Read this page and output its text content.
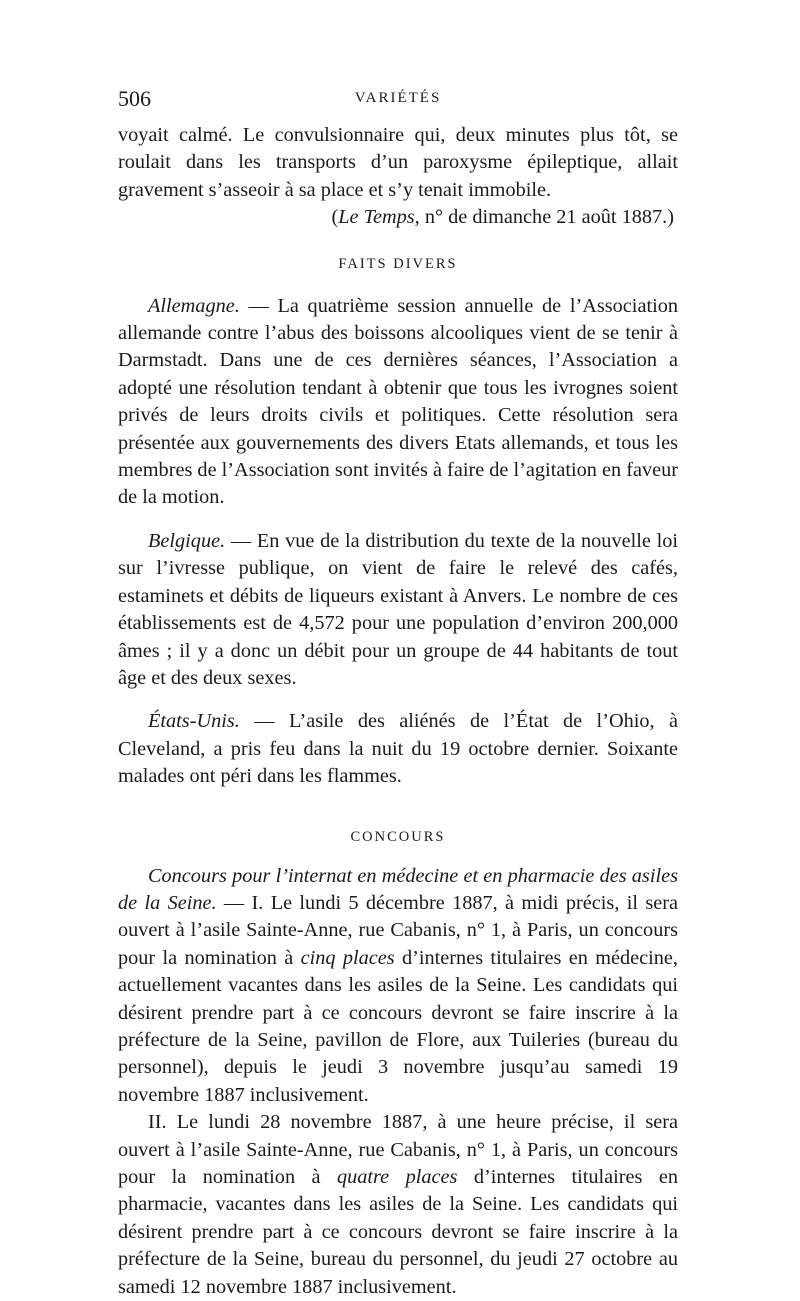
506	VARIÉTÉS

voyait calmé. Le convulsionnaire qui, deux minutes plus tôt, se roulait dans les transports d’un paroxysme épileptique, allait gravement s’asseoir à sa place et s’y tenait immobile.

(Le Temps, n° de dimanche 21 août 1887.)

FAITS DIVERS

Allemagne. — La quatrième session annuelle de l’Association allemande contre l’abus des boissons alcooliques vient de se tenir à Darmstadt. Dans une de ces dernières séances, l’Association a adopté une résolution tendant à obtenir que tous les ivrognes soient privés de leurs droits civils et politiques. Cette résolution sera présentée aux gouvernements des divers Etats allemands, et tous les membres de l’Association sont invités à faire de l’agitation en faveur de la motion.

Belgique. — En vue de la distribution du texte de la nouvelle loi sur l’ivresse publique, on vient de faire le relevé des cafés, estaminets et débits de liqueurs existant à Anvers. Le nombre de ces établissements est de 4,572 pour une population d’environ 200,000 âmes ; il y a donc un débit pour un groupe de 44 habitants de tout âge et des deux sexes.

États-Unis. — L’asile des aliénés de l’État de l’Ohio, à Cleveland, a pris feu dans la nuit du 19 octobre dernier. Soixante malades ont péri dans les flammes.

CONCOURS

Concours pour l’internat en médecine et en pharmacie des asiles de la Seine. — I. Le lundi 5 décembre 1887, à midi précis, il sera ouvert à l’asile Sainte-Anne, rue Cabanis, n° 1, à Paris, un concours pour la nomination à cinq places d’internes titulaires en médecine, actuellement vacantes dans les asiles de la Seine. Les candidats qui désirent prendre part à ce concours devront se faire inscrire à la préfecture de la Seine, pavillon de Flore, aux Tuileries (bureau du personnel), depuis le jeudi 3 novembre jusqu’au samedi 19 novembre 1887 inclusivement.

II. Le lundi 28 novembre 1887, à une heure précise, il sera ouvert à l’asile Sainte-Anne, rue Cabanis, n° 1, à Paris, un concours pour la nomination à quatre places d’internes titulaires en pharmacie, vacantes dans les asiles de la Seine. Les candidats qui désirent prendre part à ce concours devront se faire inscrire à la préfecture de la Seine, bureau du personnel, du jeudi 27 octobre au samedi 12 novembre 1887 inclusivement.
